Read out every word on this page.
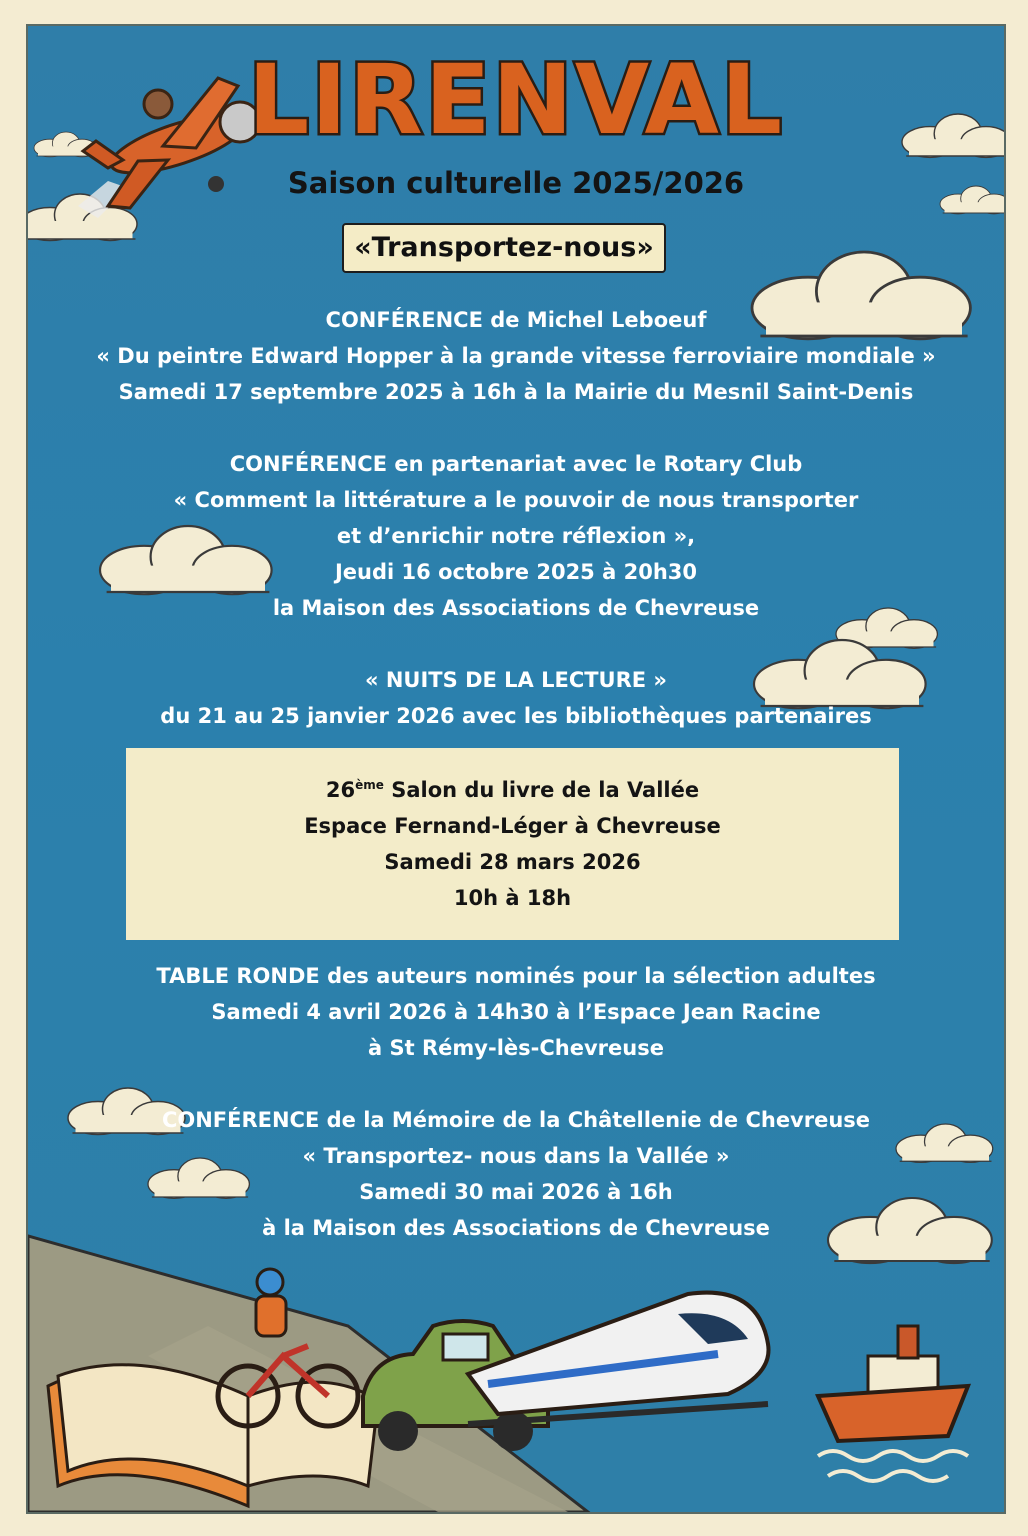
LIRENVAL
Saison culturelle 2025/2026
«Transportez-nous»

CONFÉRENCE de Michel Leboeuf

« Du peintre Edward Hopper à la grande vitesse ferroviaire mondiale »

Samedi 17 septembre 2025 à 16h à la Mairie du Mesnil Saint-Denis

CONFÉRENCE en partenariat avec le Rotary Club

« Comment la littérature a le pouvoir de nous transporter

et d’enrichir notre réflexion »,

Jeudi 16 octobre 2025 à 20h30

la Maison des Associations de Chevreuse

« NUITS DE LA LECTURE »

du 21 au 25 janvier 2026 avec les bibliothèques partenaires

26ème Salon du livre de la Vallée
Espace Fernand-Léger à Chevreuse
Samedi 28 mars 2026
10h à 18h

TABLE RONDE des auteurs nominés pour la sélection adultes

Samedi 4 avril 2026 à 14h30 à l’Espace Jean Racine

à St Rémy-lès-Chevreuse

CONFÉRENCE de la Mémoire de la Châtellenie de Chevreuse

« Transportez- nous dans la Vallée »

Samedi 30 mai 2026 à 16h

à la Maison des Associations de Chevreuse
